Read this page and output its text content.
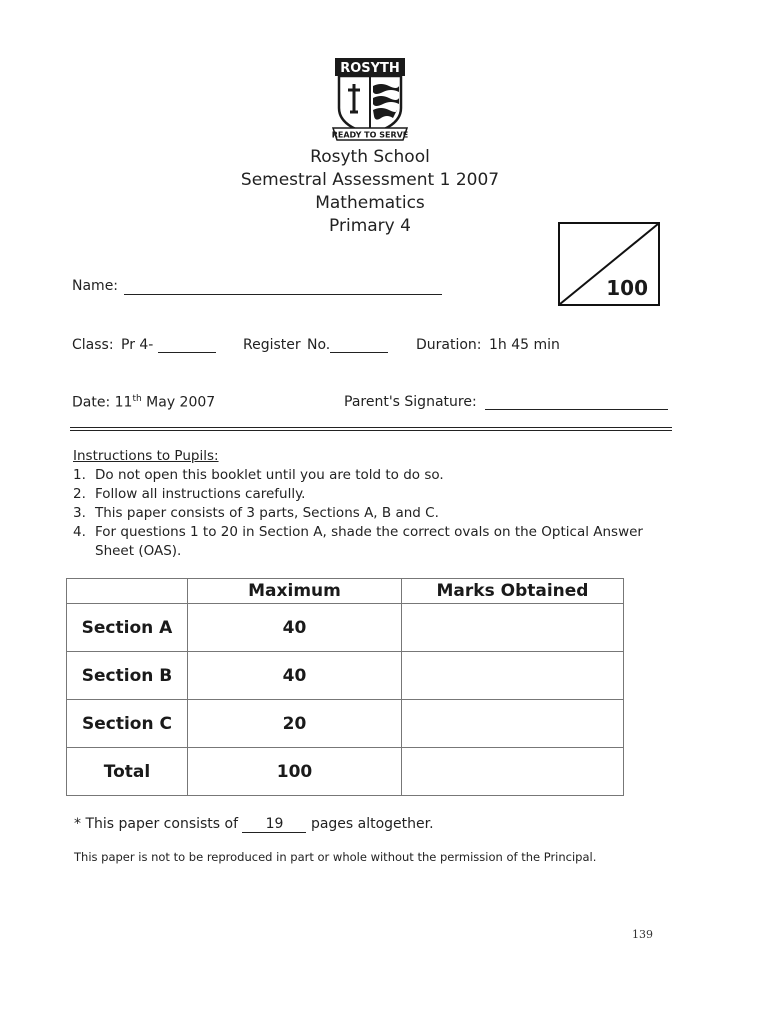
ROSYTH
READY TO SERVE
Rosyth School
Semestral Assessment 1 2007
Mathematics
Primary 4
100
Name:
Class: Pr 4-	Register No.	Duration: 1h 45 min
Date: 11th May 2007	Parent's Signature:
Instructions to Pupils:
1. Do not open this booklet until you are told to do so.
2. Follow all instructions carefully.
3. This paper consists of 3 parts, Sections A, B and C.
4. For questions 1 to 20 in Section A, shade the correct ovals on the Optical Answer Sheet (OAS).
	Maximum	Marks Obtained
Section A	40	
Section B	40	
Section C	20	
Total	100	
* This paper consists of 19 pages altogether.
This paper is not to be reproduced in part or whole without the permission of the Principal.
139
